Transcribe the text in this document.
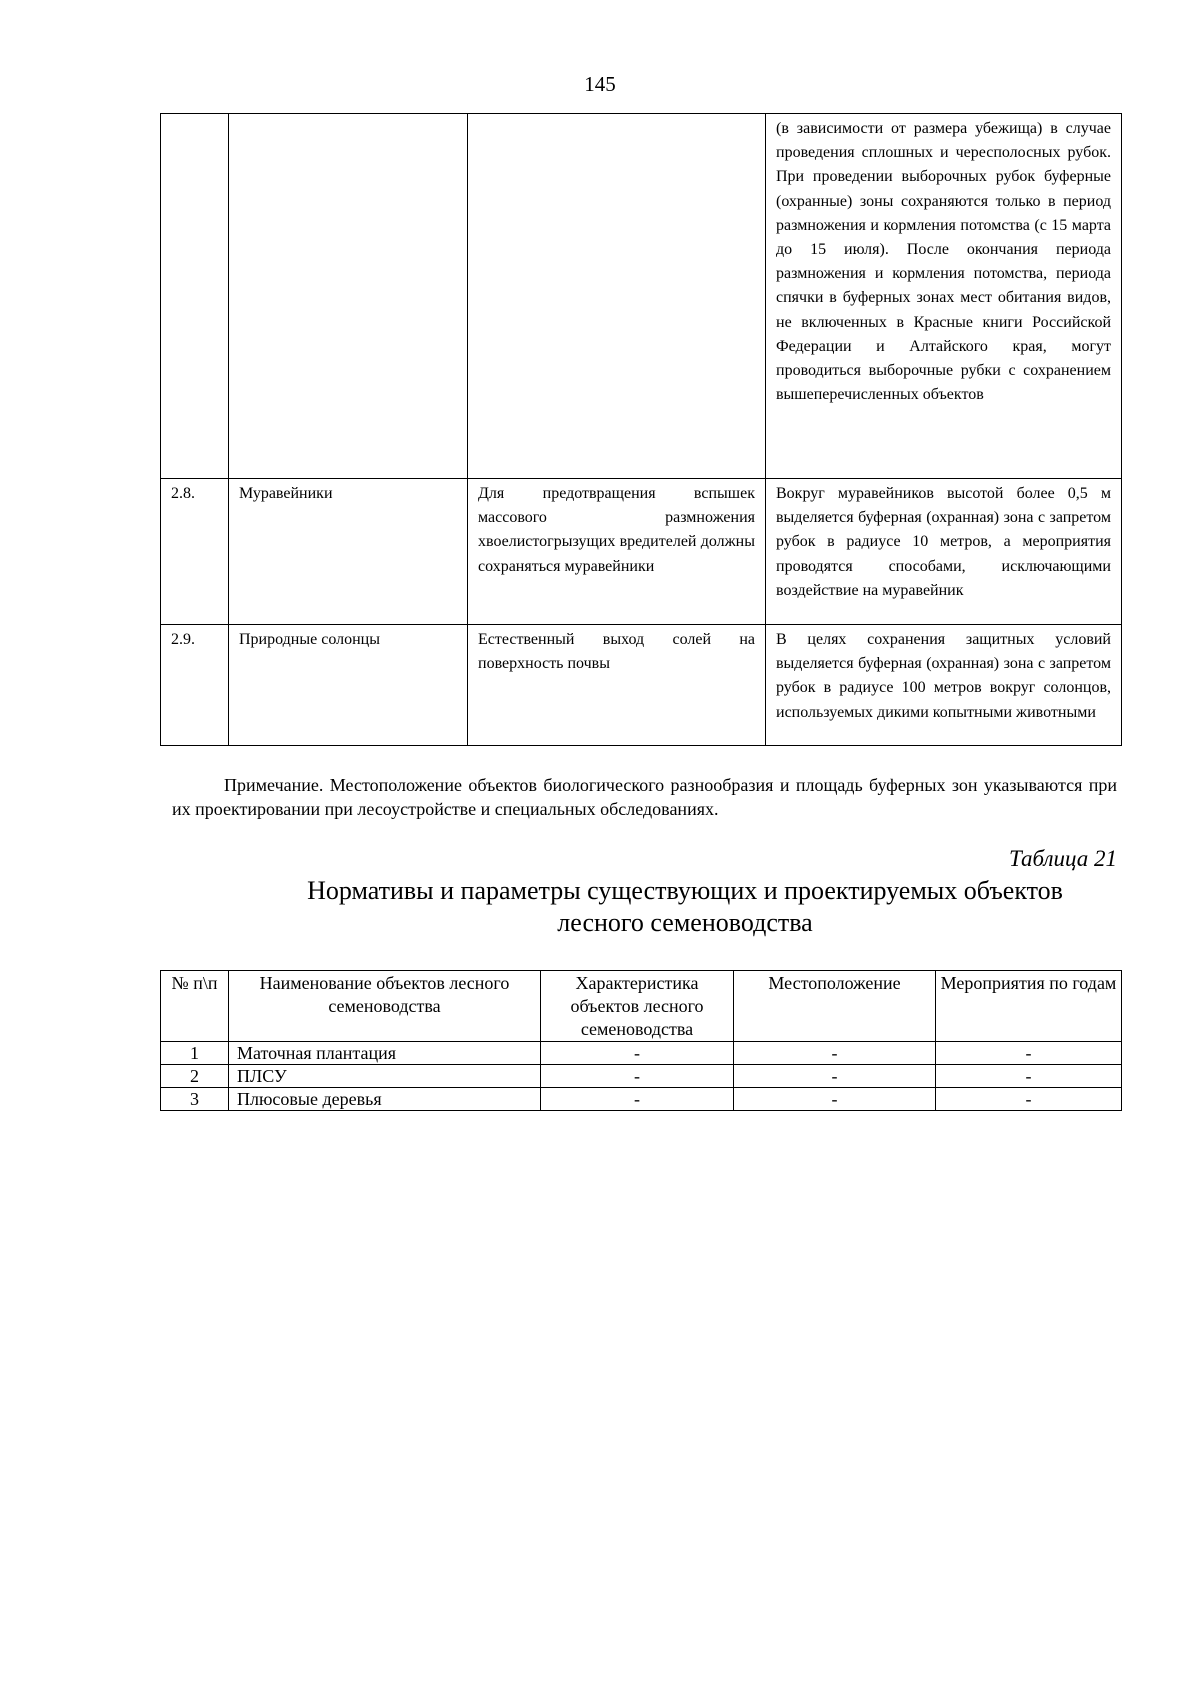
145
			(в зависимости от размера убежища) в случае проведения сплошных и чересполосных рубок. При проведении выборочных рубок буферные (охранные) зоны сохраняются только в период размножения и кормления потомства (с 15 марта до 15 июля). После окончания периода размножения и кормления потомства, периода спячки в буферных зонах мест обитания видов, не включенных в Красные книги Российской Федерации и Алтайского края, могут проводиться выборочные рубки с сохранением вышеперечисленных объектов
2.8.	Муравейники	Для предотвращения вспышек массового размножения хвоелистогрызущих вредителей должны сохраняться муравейники	Вокруг муравейников высотой более 0,5 м выделяется буферная (охранная) зона с запретом рубок в радиусе 10 метров, а мероприятия проводятся способами, исключающими воздействие на муравейник
2.9.	Природные солонцы	Естественный выход солей на поверхность почвы	В целях сохранения защитных условий выделяется буферная (охранная) зона с запретом рубок в радиусе 100 метров вокруг солонцов, используемых дикими копытными животными

Примечание. Местоположение объектов биологического разнообразия и площадь буферных зон указываются при их проектировании при лесоустройстве и специальных обследованиях.

Таблица 21
Нормативы и параметры существующих и проектируемых объектов
лесного семеноводства
№ п\п	Наименование объектов лесного семеноводства	Характеристика объектов лесного семеноводства	Местоположение	Мероприятия по годам
1	Маточная плантация	-	-	-
2	ПЛСУ	-	-	-
3	Плюсовые деревья	-	-	-
